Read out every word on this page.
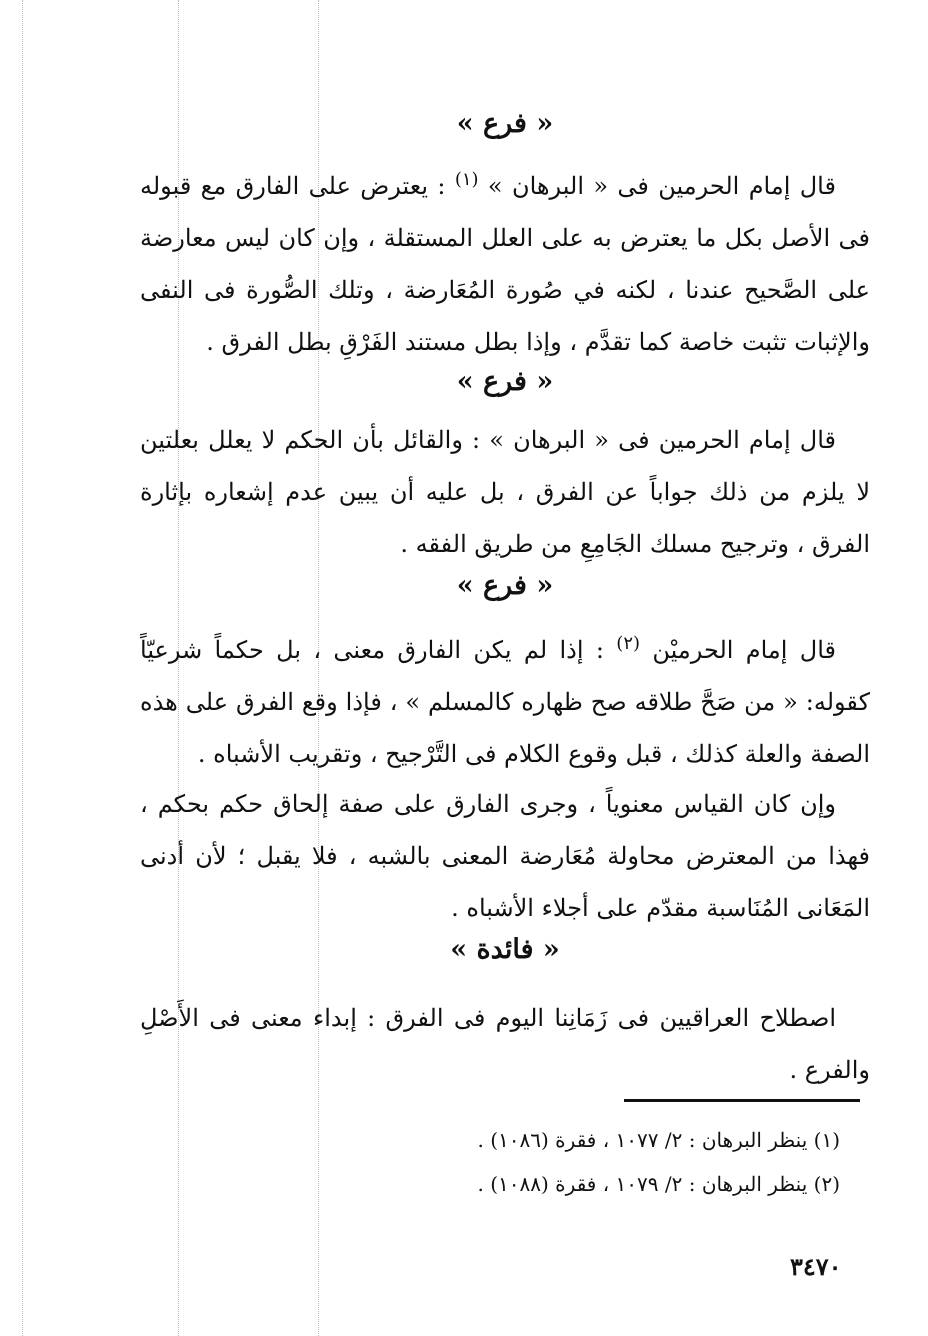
« فرع »
قال إمام الحرمين فى « البرهان » $^{(١)}$ : يعترض على الفارق مع قبوله فى الأصل بكل ما يعترض به على العلل المستقلة ، وإن كان ليس معارضة على الصَّحيح عندنا ، لكنه في صُورة المُعَارضة ، وتلك الصُّورة فى النفى والإثبات تثبت خاصة كما تقدَّم ، وإذا بطل مستند الفَرْقِ بطل الفرق .
« فرع »
قال إمام الحرمين فى « البرهان » : والقائل بأن الحكم لا يعلل بعلتين لا يلزم من ذلك جواباً عن الفرق ، بل عليه أن يبين عدم إشعاره بإثارة الفرق ، وترجيح مسلك الجَامِعِ من طريق الفقه .
« فرع »
قال إمام الحرميْن $^{(٢)}$ : إذا لم يكن الفارق معنى ، بل حكماً شرعيّاً كقوله: « من صَحَّ طلاقه صح ظهاره كالمسلم » ، فإذا وقع الفرق على هذه الصفة والعلة كذلك ، قبل وقوع الكلام فى التَّرْجيح ، وتقريب الأشباه .
وإن كان القياس معنوياً ، وجرى الفارق على صفة إلحاق حكم بحكم ، فهذا من المعترض محاولة مُعَارضة المعنى بالشبه ، فلا يقبل ؛ لأن أدنى المَعَانى المُنَاسبة مقدّم على أجلاء الأشباه .
« فائدة »
اصطلاح العراقيين فى زَمَانِنا اليوم فى الفرق : إبداء معنى فى الأَصْلِ والفرع .
(١) ينظر البرهان : ٢/ ١٠٧٧ ، فقرة (١٠٨٦) .
(٢) ينظر البرهان : ٢/ ١٠٧٩ ، فقرة (١٠٨٨) .
٣٤٧٠
